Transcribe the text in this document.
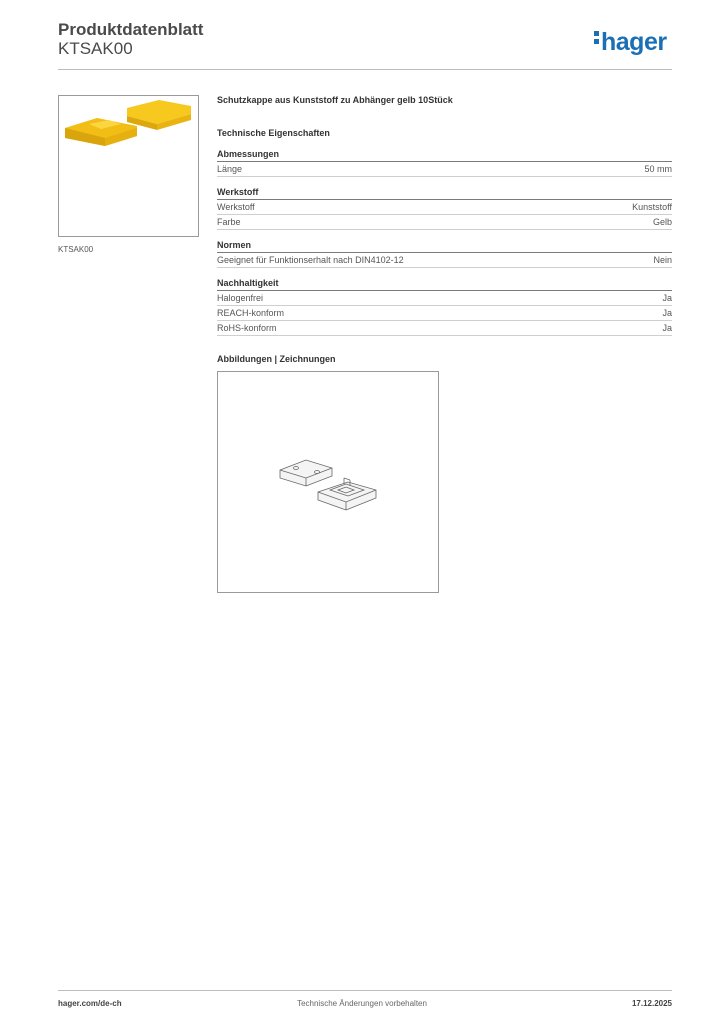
Produktdatenblatt
KTSAK00	hager
KTSAK00
Schutzkappe aus Kunststoff zu Abhänger gelb 10Stück
Technische Eigenschaften
Abmessungen
Länge	50 mm
Werkstoff
Werkstoff	Kunststoff
Farbe	Gelb
Normen
Geeignet für Funktionserhalt nach DIN4102-12	Nein
Nachhaltigkeit
Halogenfrei	Ja
REACH-konform	Ja
RoHS-konform	Ja
Abbildungen | Zeichnungen
hager.com/de-ch	Technische Änderungen vorbehalten	17.12.2025
